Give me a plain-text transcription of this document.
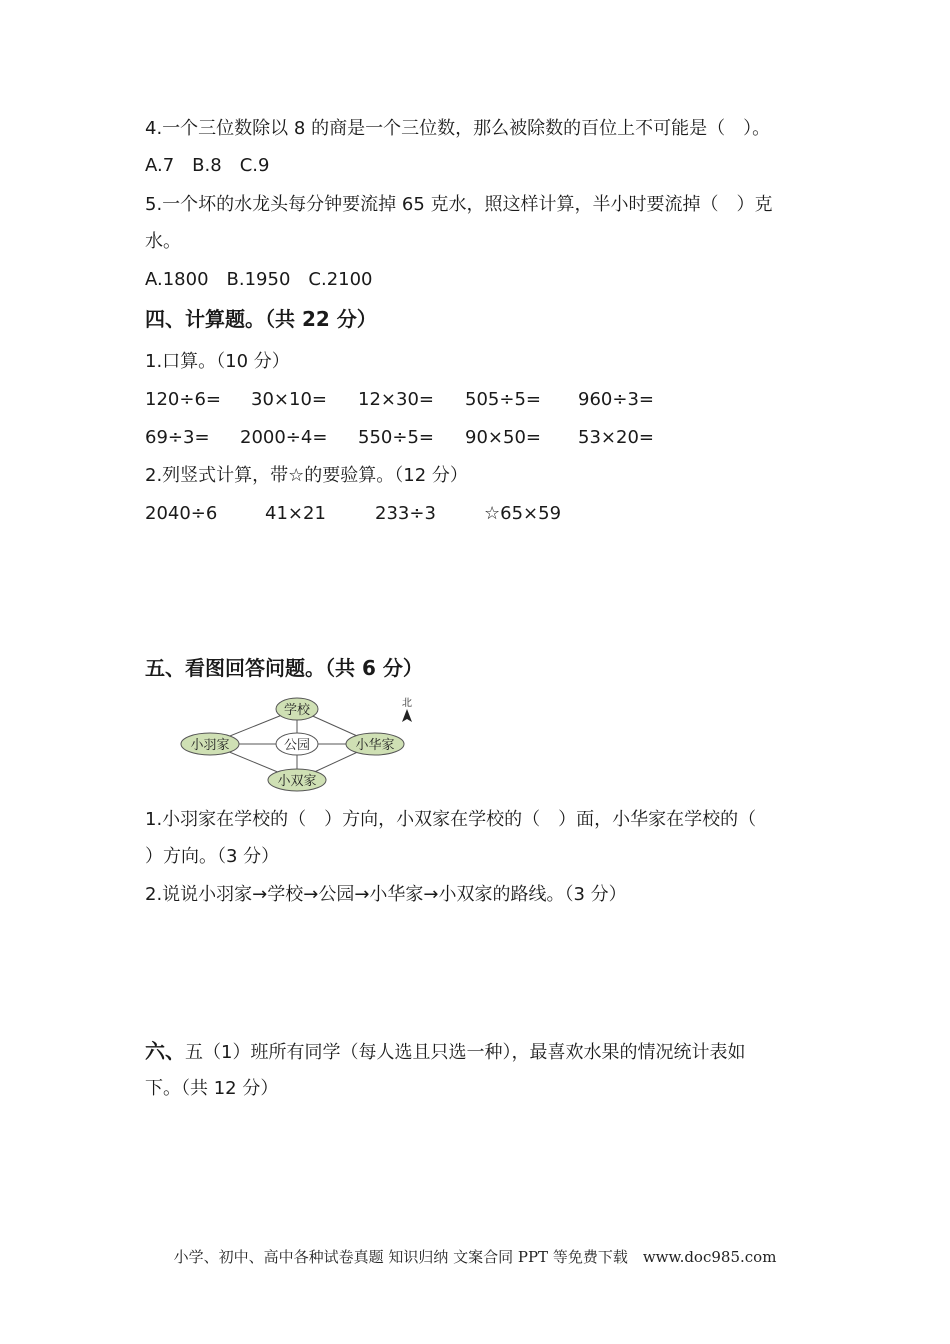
4.一个三位数除以 8 的商是一个三位数，那么被除数的百位上不可能是（　）。
A.7　B.8　C.9
5.一个坏的水龙头每分钟要流掉 65 克水，照这样计算，半小时要流掉（　）克
水。
A.1800　B.1950　C.2100
四、计算题。（共 22 分）
1.口算。（10 分）
120÷6= 30×10= 12×30= 505÷5= 960÷3=
69÷3= 2000÷4= 550÷5= 90×50= 53×20=
2.列竖式计算，带☆的要验算。（12 分）
2040÷6	41×21	233÷3	☆65×59
五、看图回答问题。（共 6 分）
学校
小羽家	公园	小华家
小双家
北
1.小羽家在学校的（　）方向，小双家在学校的（　）面，小华家在学校的（
）方向。（3 分）
2.说说小羽家→学校→公园→小华家→小双家的路线。（3 分）
六、五（1）班所有同学（每人选且只选一种），最喜欢水果的情况统计表如
下。（共 12 分）
小学、初中、高中各种试卷真题 知识归纳 文案合同 PPT 等免费下载　www.doc985.com
